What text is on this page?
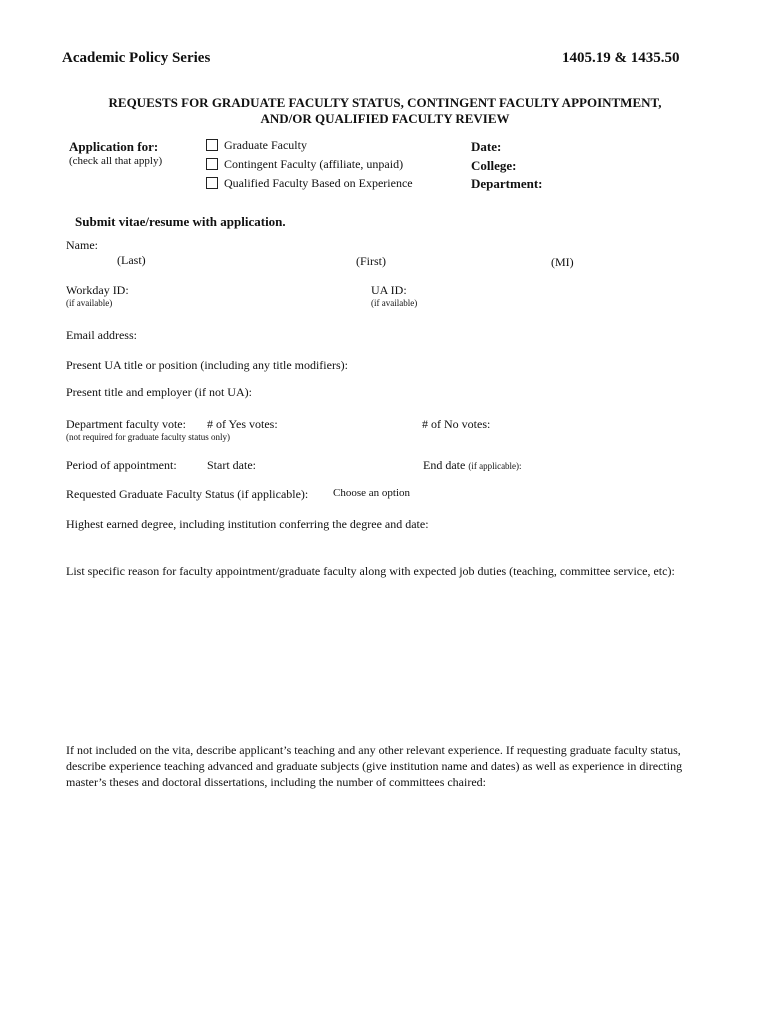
Academic Policy Series	1405.19 & 1435.50
REQUESTS FOR GRADUATE FACULTY STATUS, CONTINGENT FACULTY APPOINTMENT,
AND/OR QUALIFIED FACULTY REVIEW
Application for:
(check all that apply)
Graduate Faculty
Contingent Faculty (affiliate, unpaid)
Qualified Faculty Based on Experience
Date:
College:
Department:
Submit vitae/resume with application.
Name:
(Last)	(First)	(MI)
Workday ID:
(if available)
UA ID:
(if available)
Email address:
Present UA title or position (including any title modifiers):
Present title and employer (if not UA):
Department faculty vote: # of Yes votes:	# of No votes:
(not required for graduate faculty status only)
Period of appointment:	Start date:	End date (if applicable):
Requested Graduate Faculty Status (if applicable): Choose an option
Highest earned degree, including institution conferring the degree and date:
List specific reason for faculty appointment/graduate faculty along with expected job duties (teaching, committee service, etc):
If not included on the vita, describe applicant’s teaching and any other relevant experience. If requesting graduate faculty status, describe experience teaching advanced and graduate subjects (give institution name and dates) as well as experience in directing master’s theses and doctoral dissertations, including the number of committees chaired:
